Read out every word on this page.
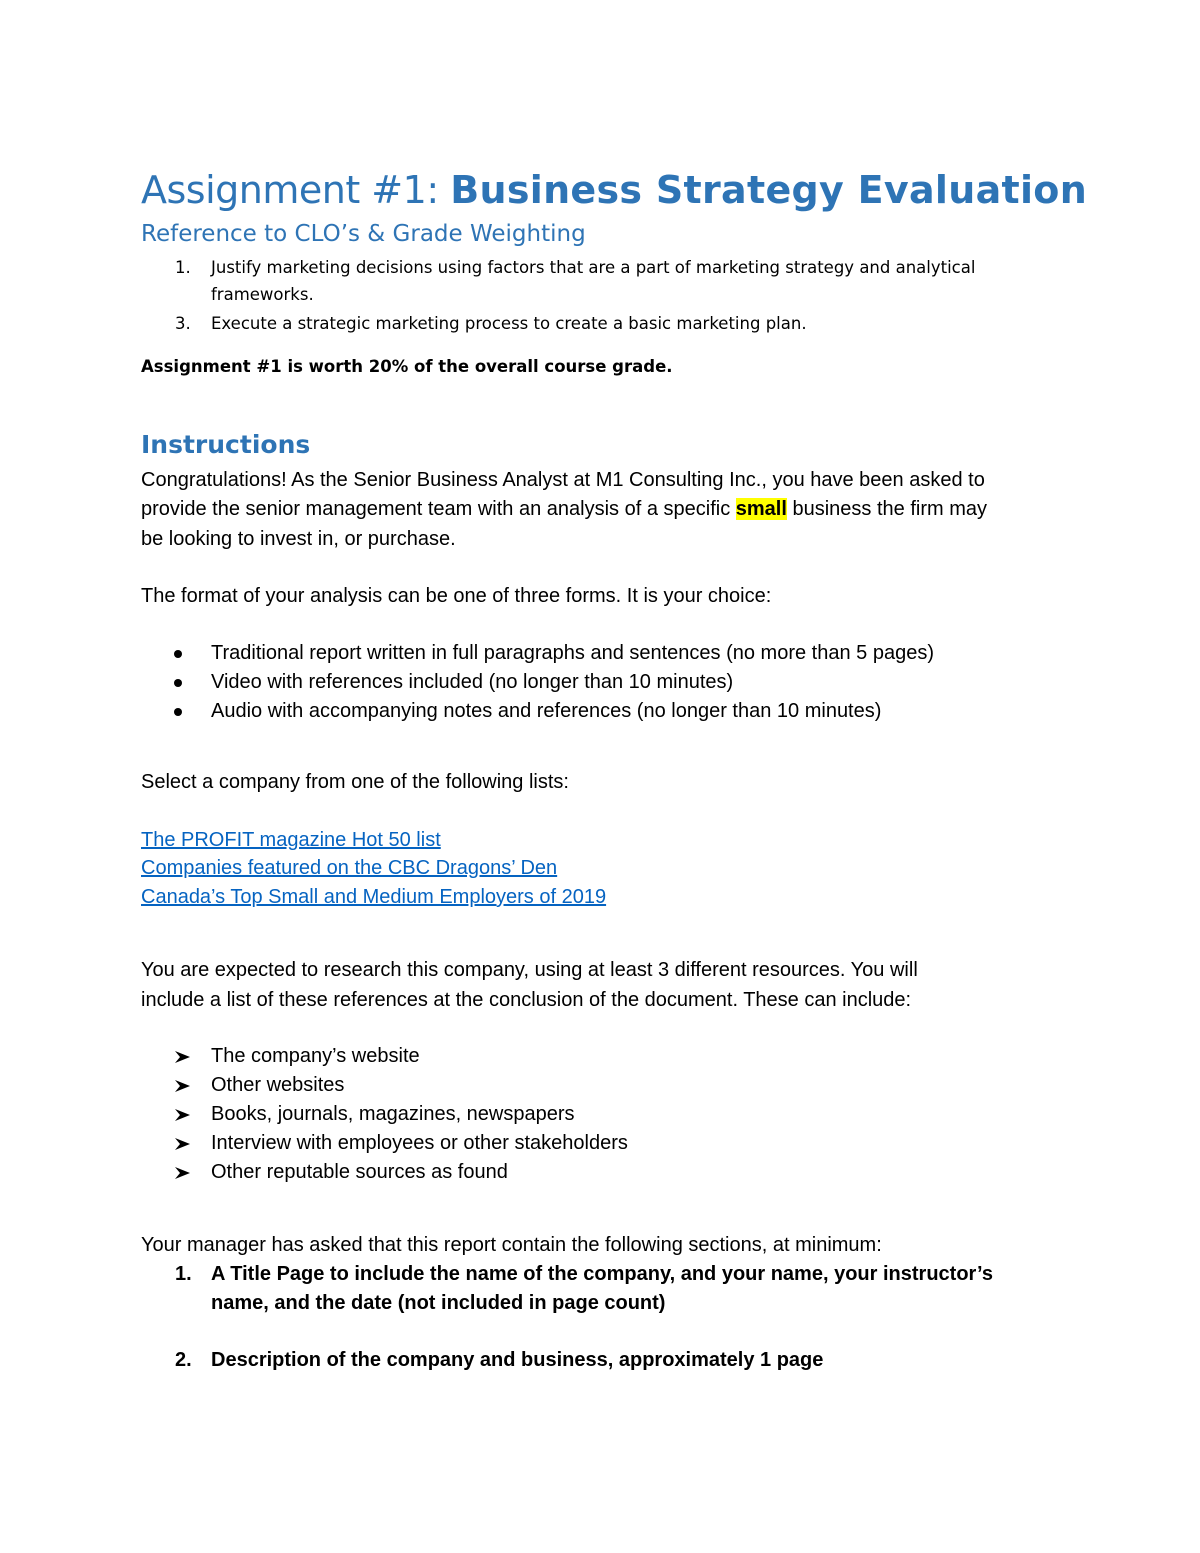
Assignment #1: Business Strategy Evaluation
Reference to CLO’s & Grade Weighting
1. Justify marketing decisions using factors that are a part of marketing strategy and analytical
frameworks.
3. Execute a strategic marketing process to create a basic marketing plan.
Assignment #1 is worth 20% of the overall course grade.
Instructions
Congratulations! As the Senior Business Analyst at M1 Consulting Inc., you have been asked to
provide the senior management team with an analysis of a specific small business the firm may
be looking to invest in, or purchase.
The format of your analysis can be one of three forms. It is your choice:
Traditional report written in full paragraphs and sentences (no more than 5 pages)
Video with references included (no longer than 10 minutes)
Audio with accompanying notes and references (no longer than 10 minutes)
Select a company from one of the following lists:
The PROFIT magazine Hot 50 list
Companies featured on the CBC Dragons’ Den
Canada’s Top Small and Medium Employers of 2019
You are expected to research this company, using at least 3 different resources. You will
include a list of these references at the conclusion of the document. These can include:
The company’s website
Other websites
Books, journals, magazines, newspapers
Interview with employees or other stakeholders
Other reputable sources as found
Your manager has asked that this report contain the following sections, at minimum:
1. A Title Page to include the name of the company, and your name, your instructor’s
name, and the date (not included in page count)
2. Description of the company and business, approximately 1 page
